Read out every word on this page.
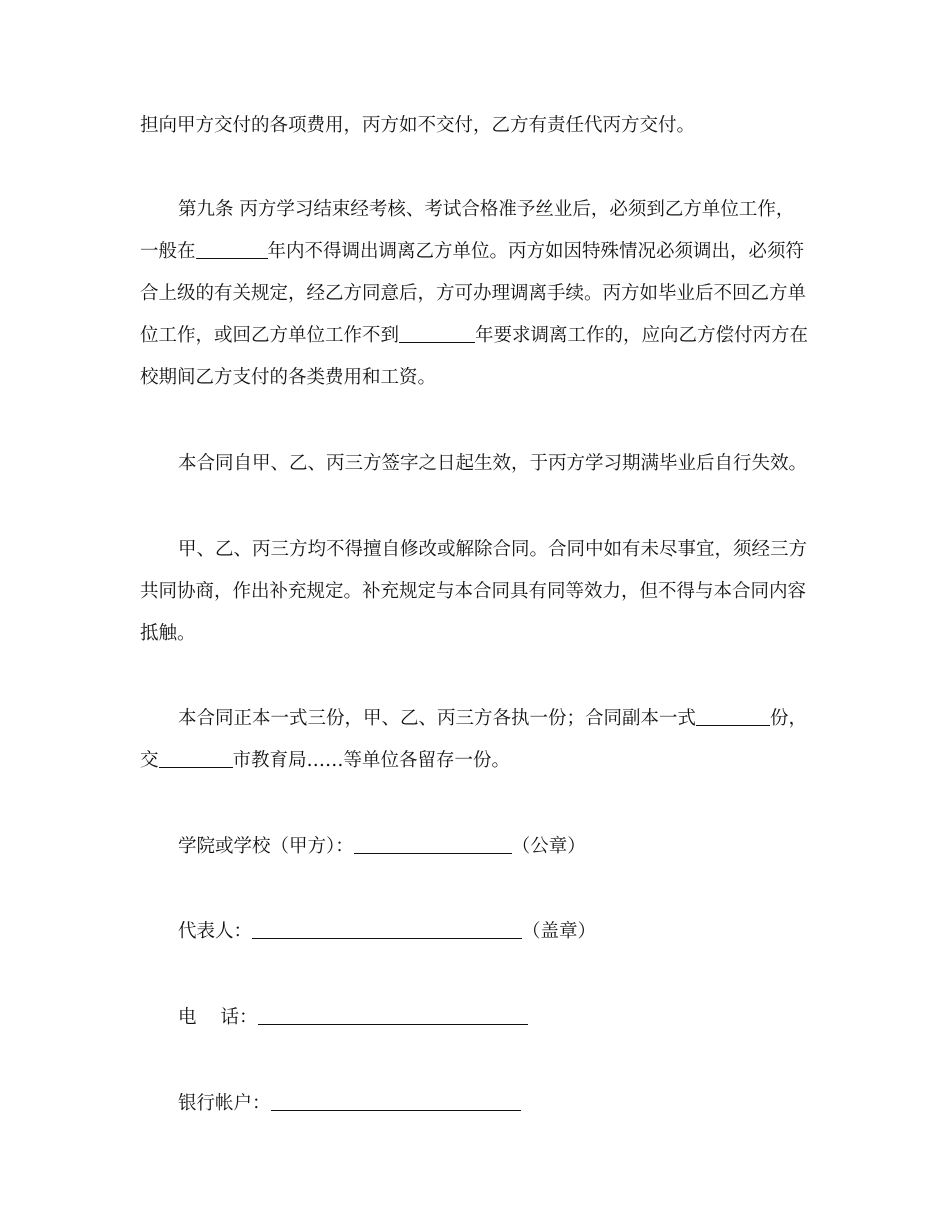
担向甲方交付的各项费用，丙方如不交付，乙方有责任代丙方交付。
第九条 丙方学习结束经考核、考试合格准予丝业后，必须到乙方单位工作，
一般在	年内不得调出调离乙方单位。丙方如因特殊情况必须调出，必须符
合上级的有关规定，经乙方同意后，方可办理调离手续。丙方如毕业后不回乙方单
位工作，或回乙方单位工作不到	年要求调离工作的，应向乙方偿付丙方在
校期间乙方支付的各类费用和工资。
本合同自甲、乙、丙三方签字之日起生效，于丙方学习期满毕业后自行失效。
甲、乙、丙三方均不得擅自修改或解除合同。合同中如有未尽事宜，须经三方
共同协商，作出补充规定。补充规定与本合同具有同等效力，但不得与本合同内容
抵触。
本合同正本一式三份，甲、乙、丙三方各执一份；合同副本一式	份，
交	市教育局……等单位各留存一份。
学院或学校（甲方）：	（公章）
代表人：	（盖章）
电 话：
银行帐户：
